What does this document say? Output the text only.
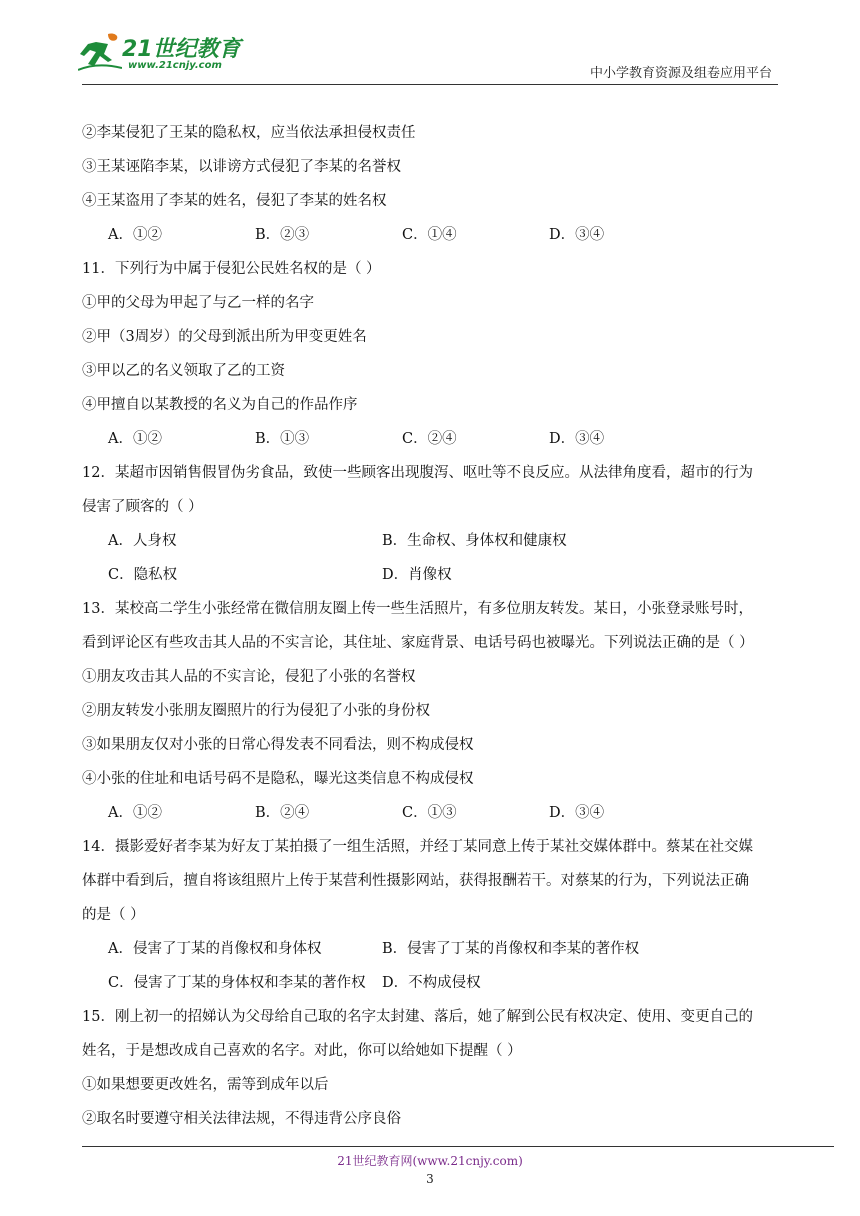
21世纪教育
www.21cnjy.com
中小学教育资源及组卷应用平台
②李某侵犯了王某的隐私权，应当依法承担侵权责任
③王某诬陷李某，以诽谤方式侵犯了李某的名誉权
④王某盗用了李某的姓名，侵犯了李某的姓名权
A．①②	B．②③	C．①④	D．③④
11．下列行为中属于侵犯公民姓名权的是（ ）
①甲的父母为甲起了与乙一样的名字
②甲（3周岁）的父母到派出所为甲变更姓名
③甲以乙的名义领取了乙的工资
④甲擅自以某教授的名义为自己的作品作序
A．①②	B．①③	C．②④	D．③④
12．某超市因销售假冒伪劣食品，致使一些顾客出现腹泻、呕吐等不良反应。从法律角度看，超市的行为
侵害了顾客的（ ）
A．人身权	B．生命权、身体权和健康权
C．隐私权	D．肖像权
13．某校高二学生小张经常在微信朋友圈上传一些生活照片，有多位朋友转发。某日，小张登录账号时，
看到评论区有些攻击其人品的不实言论，其住址、家庭背景、电话号码也被曝光。下列说法正确的是（ ）
①朋友攻击其人品的不实言论，侵犯了小张的名誉权
②朋友转发小张朋友圈照片的行为侵犯了小张的身份权
③如果朋友仅对小张的日常心得发表不同看法，则不构成侵权
④小张的住址和电话号码不是隐私，曝光这类信息不构成侵权
A．①②	B．②④	C．①③	D．③④
14．摄影爱好者李某为好友丁某拍摄了一组生活照，并经丁某同意上传于某社交媒体群中。蔡某在社交媒
体群中看到后，擅自将该组照片上传于某营利性摄影网站，获得报酬若干。对蔡某的行为，下列说法正确
的是（ ）
A．侵害了丁某的肖像权和身体权	B．侵害了丁某的肖像权和李某的著作权
C．侵害了丁某的身体权和李某的著作权	D．不构成侵权
15．刚上初一的招娣认为父母给自己取的名字太封建、落后，她了解到公民有权决定、使用、变更自己的
姓名，于是想改成自己喜欢的名字。对此，你可以给她如下提醒（ ）
①如果想要更改姓名，需等到成年以后
②取名时要遵守相关法律法规，不得违背公序良俗
21世纪教育网(www.21cnjy.com)
3
